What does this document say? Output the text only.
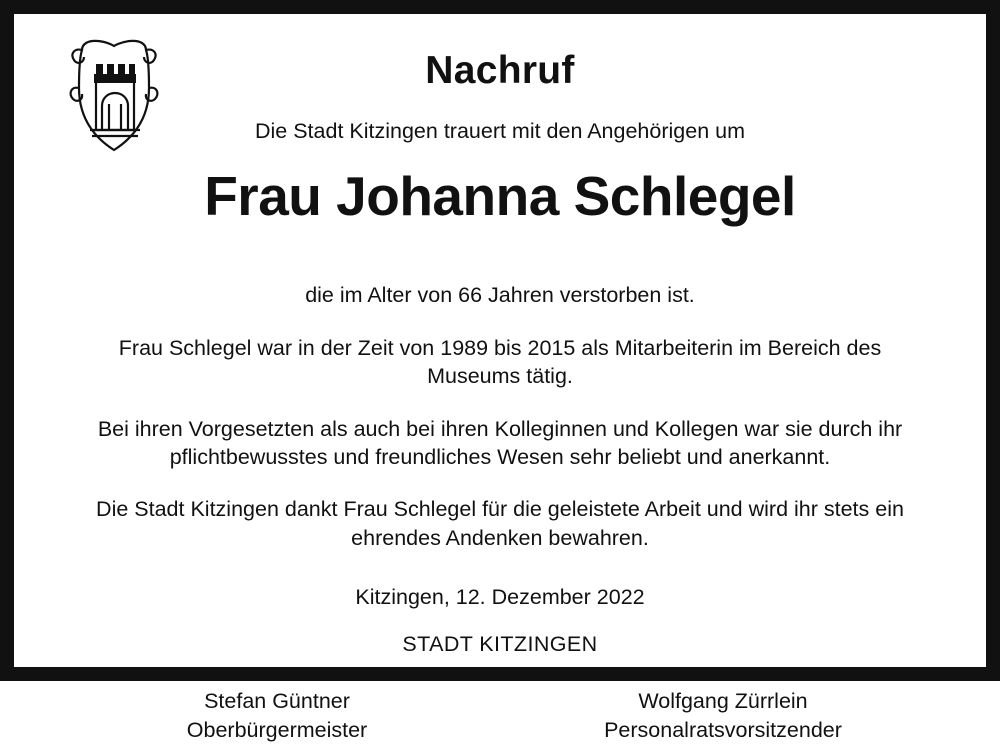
Nachruf

Die Stadt Kitzingen trauert mit den Angehörigen um

Frau Johanna Schlegel

die im Alter von 66 Jahren verstorben ist.

Frau Schlegel war in der Zeit von 1989 bis 2015 als Mitarbeiterin im Bereich des Museums tätig.

Bei ihren Vorgesetzten als auch bei ihren Kolleginnen und Kollegen war sie durch ihr pflichtbewusstes und freundliches Wesen sehr beliebt und anerkannt.

Die Stadt Kitzingen dankt Frau Schlegel für die geleistete Arbeit und wird ihr stets ein ehrendes Andenken bewahren.

Kitzingen, 12. Dezember 2022

STADT KITZINGEN

Stefan Güntner
Oberbürgermeister
Wolfgang Zürrlein
Personalratsvorsitzender
